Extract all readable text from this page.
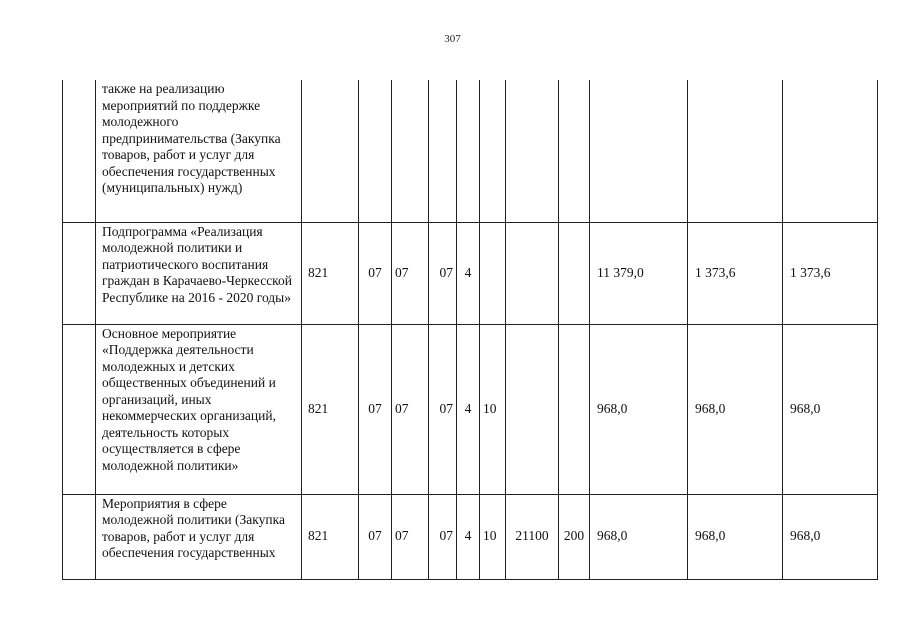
307
	также на реализацию мероприятий по поддержке молодежного предпринимательства (Закупка товаров, работ и услуг для обеспечения государственных (муниципальных) нужд)											
	Подпрограмма «Реализация молодежной политики и патриотического воспитания граждан в Карачаево-Черкесской Республике на 2016 - 2020 годы»	821	07	07	07	4				11 379,0	1 373,6	1 373,6
	Основное мероприятие «Поддержка деятельности молодежных и детских общественных объединений и организаций, иных некоммерческих организаций, деятельность которых осуществляется в сфере молодежной политики»	821	07	07	07	4	10			968,0	968,0	968,0
	Мероприятия в сфере молодежной политики (Закупка товаров, работ и услуг для обеспечения государственных	821	07	07	07	4	10	21100	200	968,0	968,0	968,0
